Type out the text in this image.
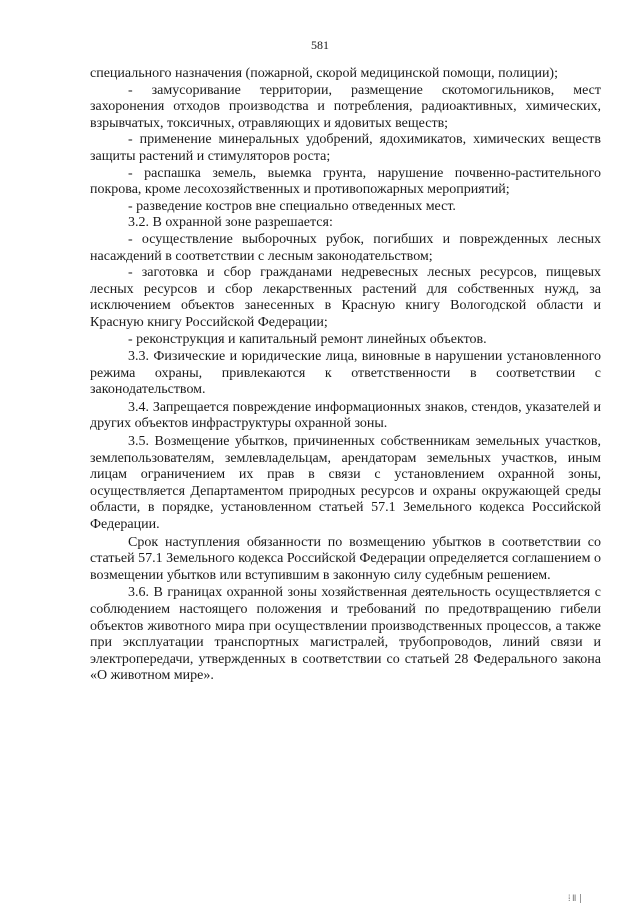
581

специального назначения (пожарной, скорой медицинской помощи, полиции);

- замусоривание территории, размещение скотомогильников, мест захоронения отходов производства и потребления, радиоактивных, химических, взрывчатых, токсичных, отравляющих и ядовитых веществ;

- применение минеральных удобрений, ядохимикатов, химических веществ защиты растений и стимуляторов роста;

- распашка земель, выемка грунта, нарушение почвенно-растительного покрова, кроме лесохозяйственных и противопожарных мероприятий;

- разведение костров вне специально отведенных мест.

3.2. В охранной зоне разрешается:

- осуществление выборочных рубок, погибших и поврежденных лесных насаждений в соответствии с лесным законодательством;

- заготовка и сбор гражданами недревесных лесных ресурсов, пищевых лесных ресурсов и сбор лекарственных растений для собственных нужд, за исключением объектов занесенных в Красную книгу Вологодской области и Красную книгу Российской Федерации;

- реконструкция и капитальный ремонт линейных объектов.

3.3. Физические и юридические лица, виновные в нарушении установленного режима охраны, привлекаются к ответственности в соответствии с законодательством.

3.4. Запрещается повреждение информационных знаков, стендов, указателей и других объектов инфраструктуры охранной зоны.

3.5. Возмещение убытков, причиненных собственникам земельных участков, землепользователям, землевладельцам, арендаторам земельных участков, иным лицам ограничением их прав в связи с установлением охранной зоны, осуществляется Департаментом природных ресурсов и охраны окружающей среды области, в порядке, установленном статьей 57.1 Земельного кодекса Российской Федерации.

Срок наступления обязанности по возмещению убытков в соответствии со статьей 57.1 Земельного кодекса Российской Федерации определяется соглашением о возмещении убытков или вступившим в законную силу судебным решением.

3.6. В границах охранной зоны хозяйственная деятельность осуществляется с соблюдением настоящего положения и требований по предотвращению гибели объектов животного мира при осуществлении производственных процессов, а также при эксплуатации транспортных магистралей, трубопроводов, линий связи и электропередачи, утвержденных в соответствии со статьей 28 Федерального закона «О животном мире».

⁞ǁ|
